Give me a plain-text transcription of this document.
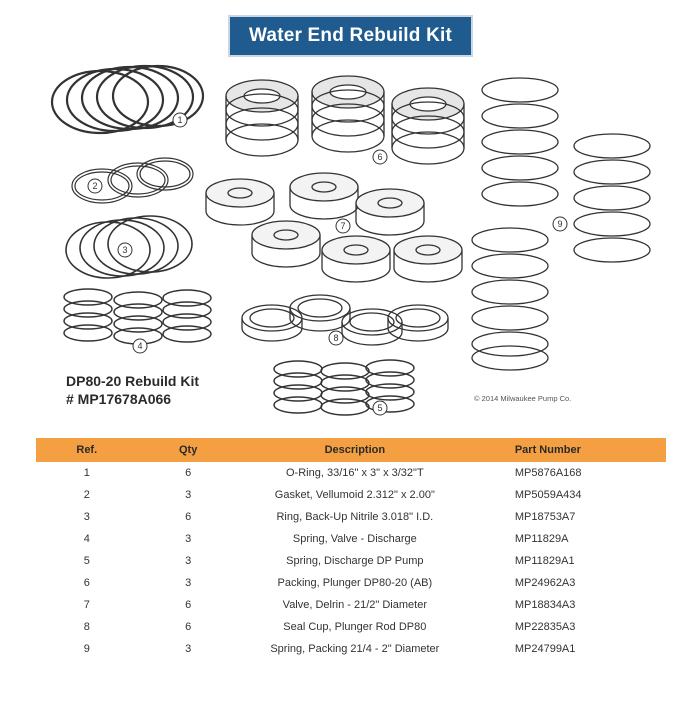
Water End Rebuild Kit
1
2
3
4
5
6
7
8
9
DP80-20 Rebuild Kit
# MP17678A066	© 2014 Milwaukee Pump Co.
Ref.	Qty	Description	Part Number
1	6	O-Ring, 33/16" x 3" x 3/32"T	MP5876A168
2	3	Gasket, Vellumoid 2.312" x 2.00"	MP5059A434
3	6	Ring, Back-Up Nitrile 3.018" I.D.	MP18753A7
4	3	Spring, Valve - Discharge	MP11829A
5	3	Spring, Discharge DP Pump	MP11829A1
6	3	Packing, Plunger DP80-20 (AB)	MP24962A3
7	6	Valve, Delrin - 21/2" Diameter	MP18834A3
8	6	Seal Cup, Plunger Rod DP80	MP22835A3
9	3	Spring, Packing 21/4 - 2" Diameter	MP24799A1
